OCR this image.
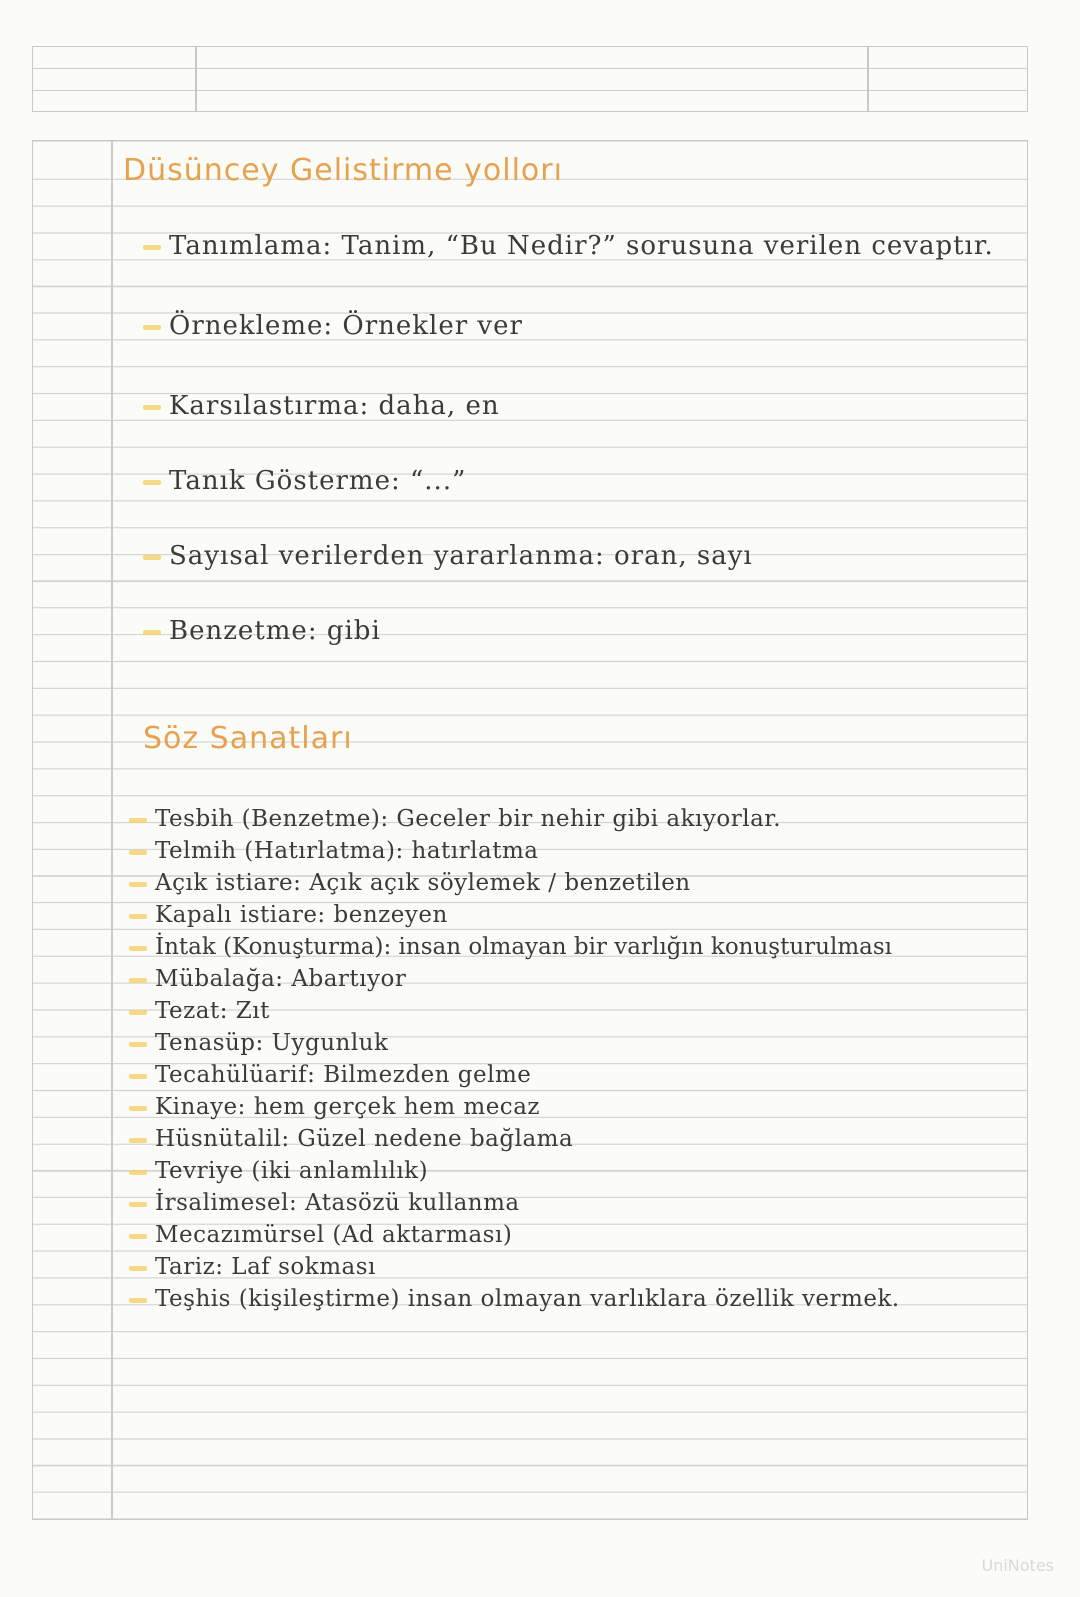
Düsüncey Gelistirme yollorı
Tanımlama: Tanim, “Bu Nedir?” sorusuna verilen cevaptır.
Örnekleme: Örnekler ver
Karsılastırma: daha, en
Tanık Gösterme: “...”
Sayısal verilerden yararlanma: oran, sayı
Benzetme: gibi
Söz Sanatları
Tesbih (Benzetme): Geceler bir nehir gibi akıyorlar.
Telmih (Hatırlatma): hatırlatma
Açık istiare: Açık açık söylemek / benzetilen
Kapalı istiare: benzeyen
İntak (Konuşturma): insan olmayan bir varlığın konuşturulması
Mübalağa: Abartıyor
Tezat: Zıt
Tenasüp: Uygunluk
Tecahülüarif: Bilmezden gelme
Kinaye: hem gerçek hem mecaz
Hüsnütalil: Güzel nedene bağlama
Tevriye (iki anlamlılık)
İrsalimesel: Atasözü kullanma
Mecazımürsel (Ad aktarması)
Tariz: Laf sokması
Teşhis (kişileştirme) insan olmayan varlıklara özellik vermek.
UniNotes
